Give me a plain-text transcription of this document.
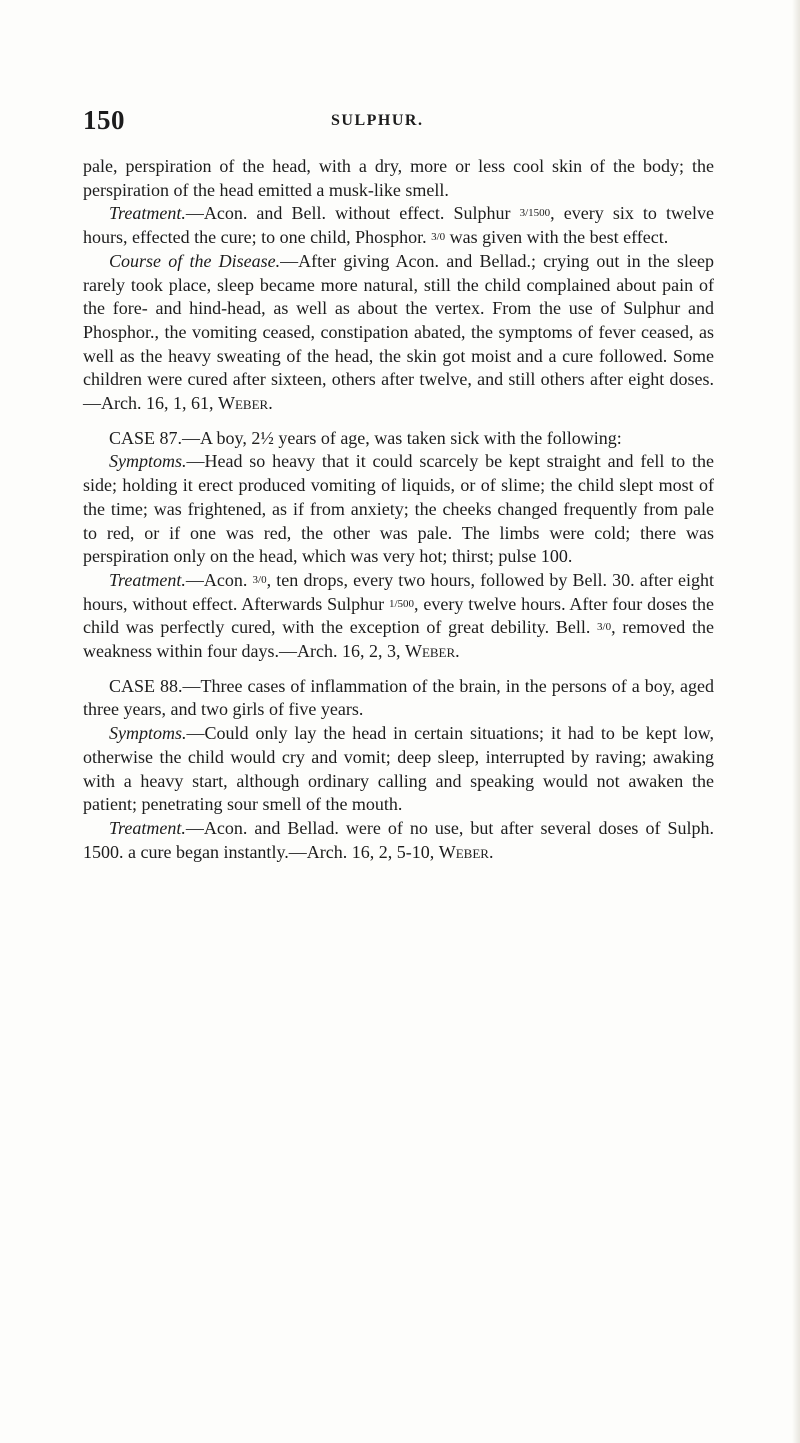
150	SULPHUR.

pale, perspiration of the head, with a dry, more or less cool skin of the body; the perspiration of the head emitted a musk-like smell.

Treatment.—Acon. and Bell. without effect. Sulphur 3/1500, every six to twelve hours, effected the cure; to one child, Phosphor. 3/0 was given with the best effect.

Course of the Disease.—After giving Acon. and Bellad.; crying out in the sleep rarely took place, sleep became more natural, still the child complained about pain of the fore- and hind-head, as well as about the vertex. From the use of Sulphur and Phosphor., the vomiting ceased, constipation abated, the symptoms of fever ceased, as well as the heavy sweating of the head, the skin got moist and a cure followed. Some children were cured after sixteen, others after twelve, and still others after eight doses.—Arch. 16, 1, 61, Weber.

CASE 87.—A boy, 2½ years of age, was taken sick with the following:

Symptoms.—Head so heavy that it could scarcely be kept straight and fell to the side; holding it erect produced vomiting of liquids, or of slime; the child slept most of the time; was frightened, as if from anxiety; the cheeks changed frequently from pale to red, or if one was red, the other was pale. The limbs were cold; there was perspiration only on the head, which was very hot; thirst; pulse 100.

Treatment.—Acon. 3/0, ten drops, every two hours, followed by Bell. 30. after eight hours, without effect. Afterwards Sulphur 1/500, every twelve hours. After four doses the child was perfectly cured, with the exception of great debility. Bell. 3/0, removed the weakness within four days.—Arch. 16, 2, 3, Weber.

CASE 88.—Three cases of inflammation of the brain, in the persons of a boy, aged three years, and two girls of five years.

Symptoms.—Could only lay the head in certain situations; it had to be kept low, otherwise the child would cry and vomit; deep sleep, interrupted by raving; awaking with a heavy start, although ordinary calling and speaking would not awaken the patient; penetrating sour smell of the mouth.

Treatment.—Acon. and Bellad. were of no use, but after several doses of Sulph. 1500. a cure began instantly.—Arch. 16, 2, 5-10, Weber.
